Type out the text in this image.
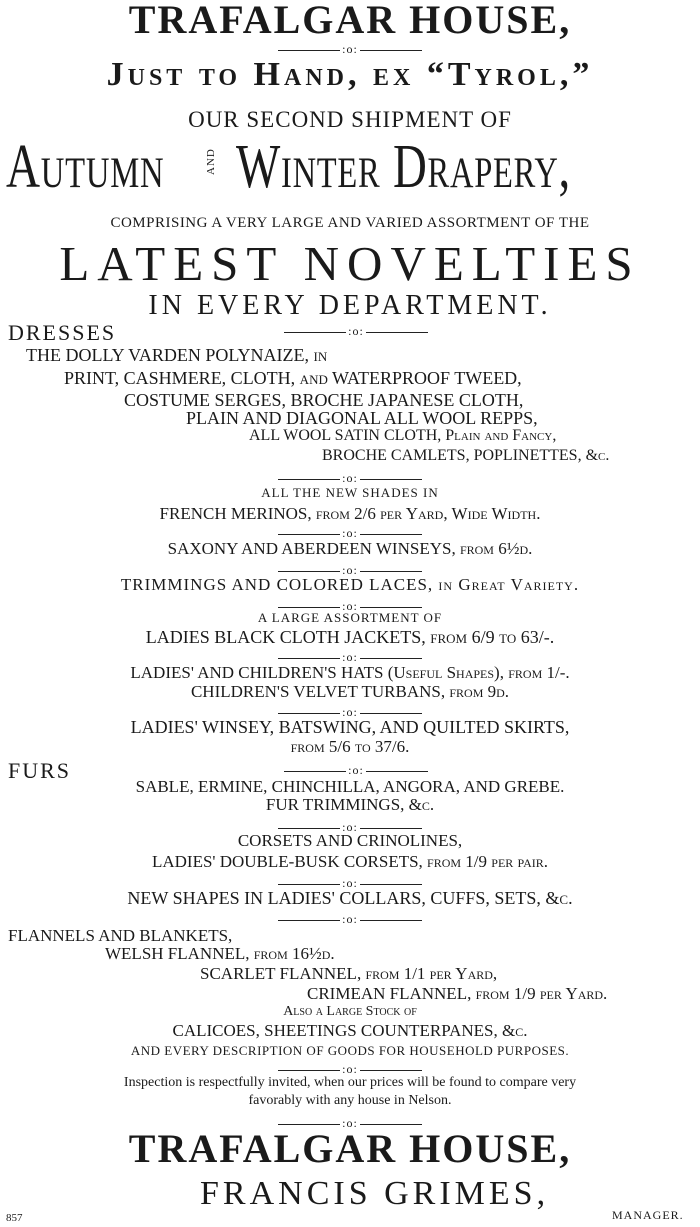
TRAFALGAR HOUSE,
:o:
Just to Hand, ex “Tyrol,”
OUR SECOND SHIPMENT OF
Autumn	AND Winter Drapery,
COMPRISING A VERY LARGE AND VARIED ASSORTMENT OF THE
LATEST NOVELTIES
IN EVERY DEPARTMENT.
DRESSES	:o:
THE DOLLY VARDEN POLYNAIZE, in
PRINT, CASHMERE, CLOTH, and WATERPROOF TWEED,
COSTUME SERGES, BROCHE JAPANESE CLOTH,
PLAIN AND DIAGONAL ALL WOOL REPPS,
ALL WOOL SATIN CLOTH, Plain and Fancy,
BROCHE CAMLETS, POPLINETTES, &c.
:o:
ALL THE NEW SHADES IN
FRENCH MERINOS, from 2/6 per Yard, Wide Width.
:o:
SAXONY AND ABERDEEN WINSEYS, from 6½d.
:o:
TRIMMINGS AND COLORED LACES, in Great Variety.
:o:
A LARGE ASSORTMENT OF
LADIES BLACK CLOTH JACKETS, from 6/9 to 63/-.
:o:
LADIES' AND CHILDREN'S HATS (Useful Shapes), from 1/-.
CHILDREN'S VELVET TURBANS, from 9d.
:o:
LADIES' WINSEY, BATSWING, AND QUILTED SKIRTS,
from 5/6 to 37/6.
FURS	:o:
SABLE, ERMINE, CHINCHILLA, ANGORA, AND GREBE.
FUR TRIMMINGS, &c.
:o:
CORSETS AND CRINOLINES,
LADIES' DOUBLE-BUSK CORSETS, from 1/9 per pair.
:o:
NEW SHAPES IN LADIES' COLLARS, CUFFS, SETS, &c.
:o:
FLANNELS AND BLANKETS,
WELSH FLANNEL, from 16½d.
SCARLET FLANNEL, from 1/1 per Yard,
CRIMEAN FLANNEL, from 1/9 per Yard.
Also a Large Stock of
CALICOES, SHEETINGS COUNTERPANES, &c.
AND EVERY DESCRIPTION OF GOODS FOR HOUSEHOLD PURPOSES.
:o:
Inspection is respectfully invited, when our prices will be found to compare very
favorably with any house in Nelson.
:o:
TRAFALGAR HOUSE,
FRANCIS GRIMES,
MANAGER.
857
